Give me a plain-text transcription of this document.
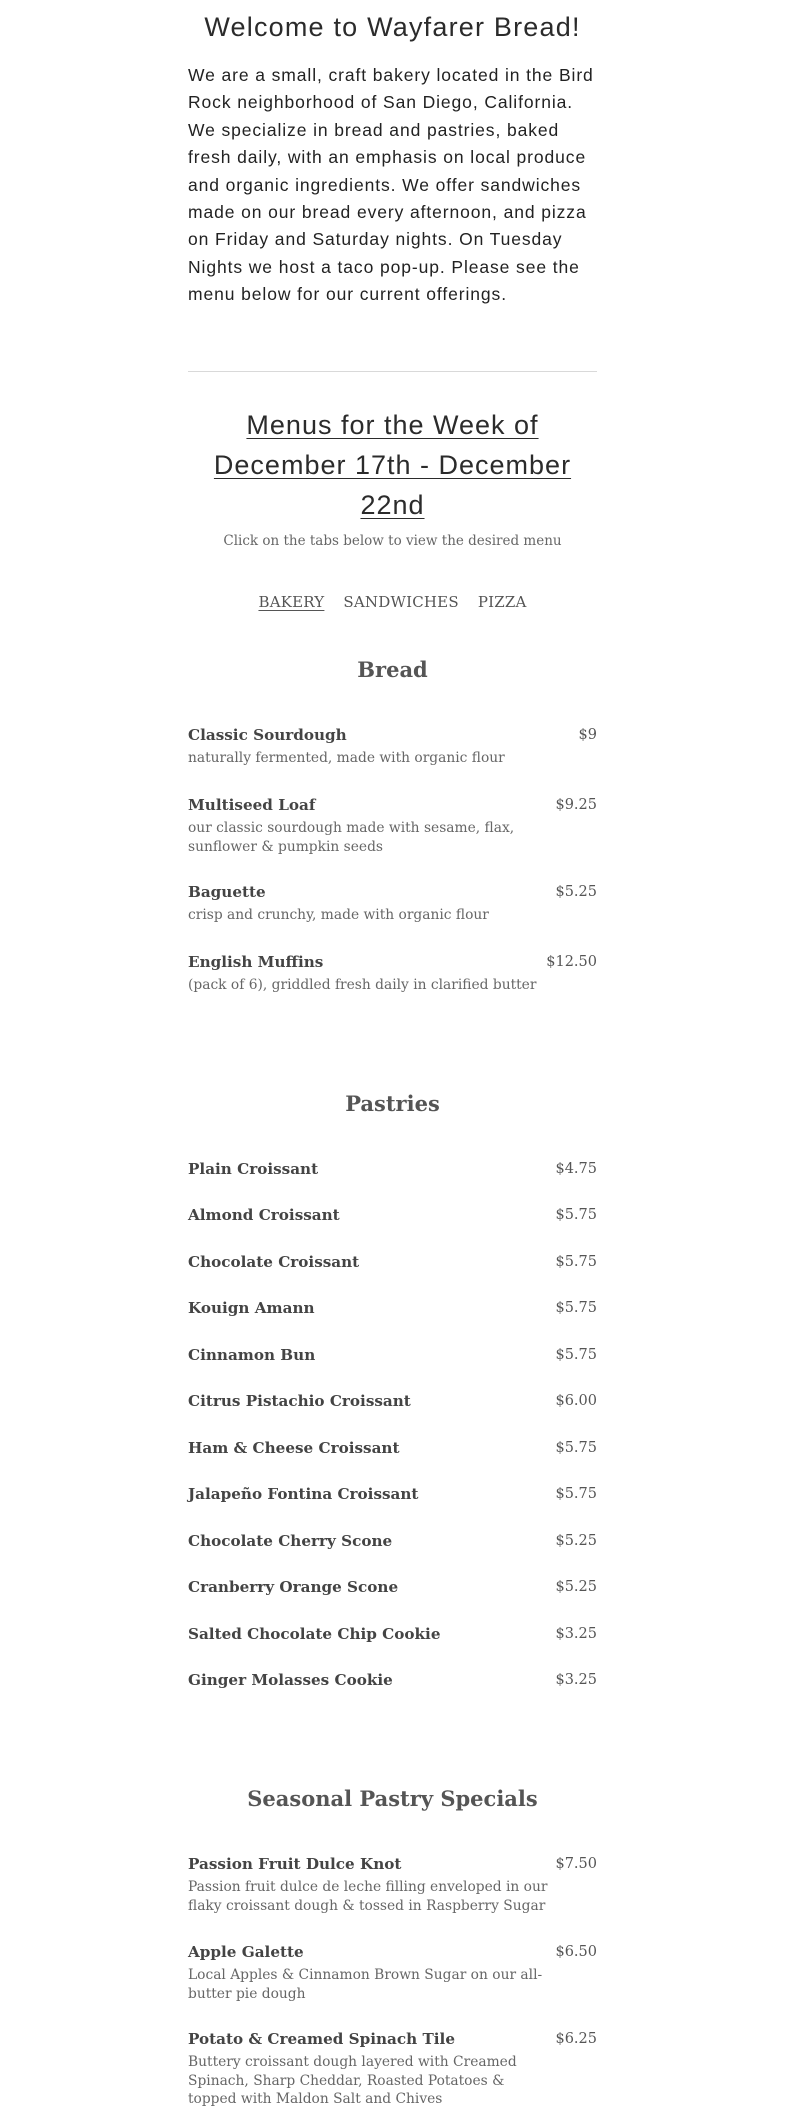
Welcome to Wayfarer Bread!

We are a small, craft bakery located in the Bird Rock neighborhood of San Diego, California. We specialize in bread and pastries, baked fresh daily, with an emphasis on local produce and organic ingredients. We offer sandwiches made on our bread every afternoon, and pizza on Friday and Saturday nights. On Tuesday Nights we host a taco pop-up. Please see the menu below for our current offerings.

Menus for the Week of December 17th - December 22nd

Click on the tabs below to view the desired menu

BAKERY SANDWICHES PIZZA
Bread
Classic Sourdough	$9
naturally fermented, made with organic flour
Multiseed Loaf	$9.25
our classic sourdough made with sesame, flax, sunflower & pumpkin seeds
Baguette	$5.25
crisp and crunchy, made with organic flour
English Muffins	$12.50
(pack of 6), griddled fresh daily in clarified butter
Pastries
Plain Croissant	$4.75
Almond Croissant	$5.75
Chocolate Croissant	$5.75
Kouign Amann	$5.75
Cinnamon Bun	$5.75
Citrus Pistachio Croissant	$6.00
Ham & Cheese Croissant	$5.75
Jalapeño Fontina Croissant	$5.75
Chocolate Cherry Scone	$5.25
Cranberry Orange Scone	$5.25
Salted Chocolate Chip Cookie	$3.25
Ginger Molasses Cookie	$3.25
Seasonal Pastry Specials
Passion Fruit Dulce Knot	$7.50
Passion fruit dulce de leche filling enveloped in our flaky croissant dough & tossed in Raspberry Sugar
Apple Galette	$6.50
Local Apples & Cinnamon Brown Sugar on our all-butter pie dough
Potato & Creamed Spinach Tile	$6.25
Buttery croissant dough layered with Creamed Spinach, Sharp Cheddar, Roasted Potatoes & topped with Maldon Salt and Chives
